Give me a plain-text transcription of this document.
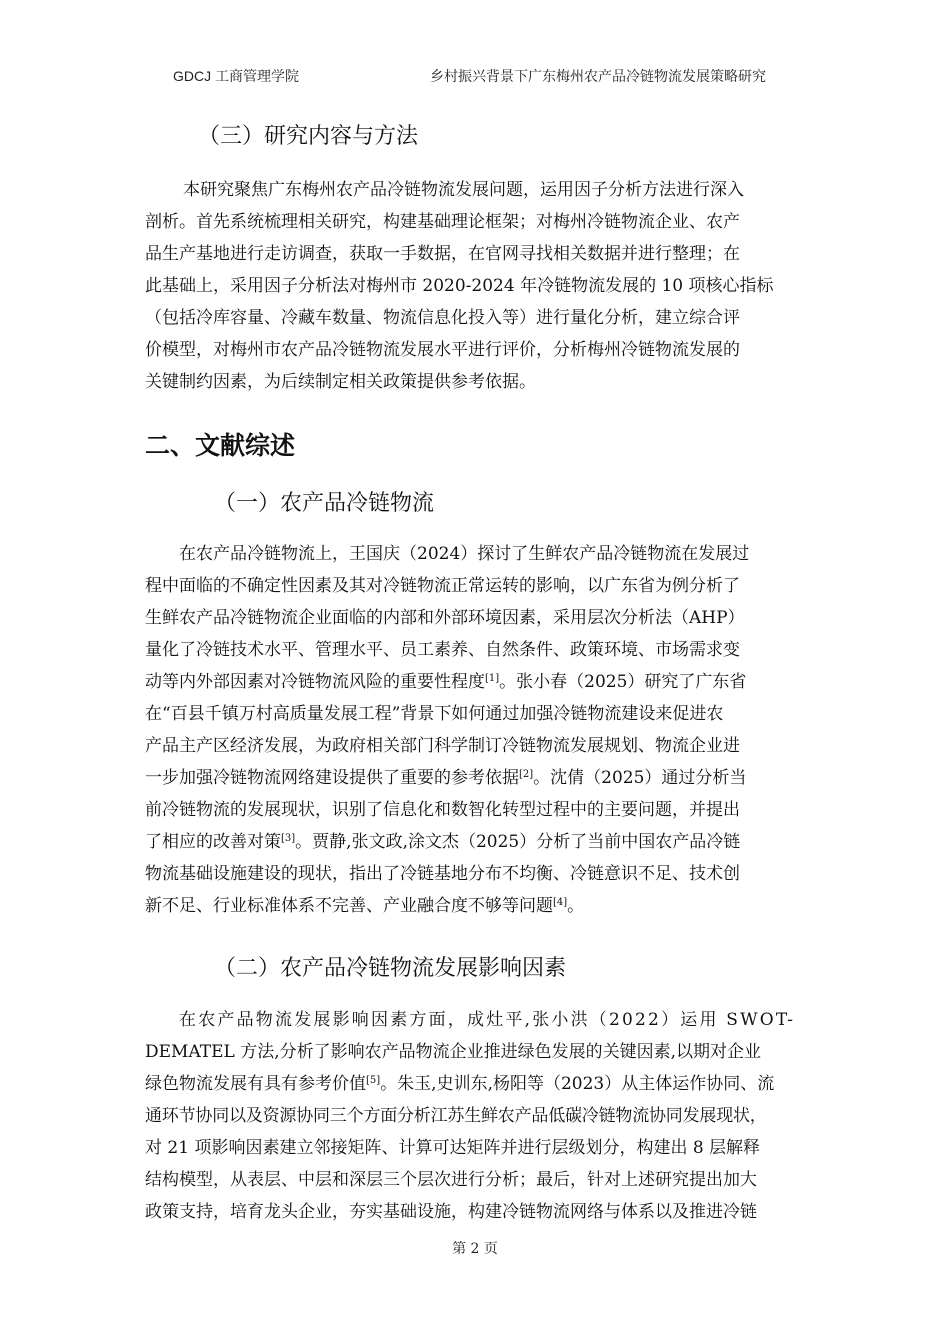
GDCJ 工商管理学院	乡村振兴背景下广东梅州农产品冷链物流发展策略研究
（三）研究内容与方法
本研究聚焦广东梅州农产品冷链物流发展问题，运用因子分析方法进行深入
剖析。首先系统梳理相关研究，构建基础理论框架；对梅州冷链物流企业、农产
品生产基地进行走访调查，获取一手数据，在官网寻找相关数据并进行整理；在
此基础上，采用因子分析法对梅州市 2020-2024 年冷链物流发展的 10 项核心指标
（包括冷库容量、冷藏车数量、物流信息化投入等）进行量化分析，建立综合评
价模型，对梅州市农产品冷链物流发展水平进行评价，分析梅州冷链物流发展的
关键制约因素，为后续制定相关政策提供参考依据。
二、文献综述
（一）农产品冷链物流
在农产品冷链物流上，王国庆（2024）探讨了生鲜农产品冷链物流在发展过
程中面临的不确定性因素及其对冷链物流正常运转的影响，以广东省为例分析了
生鲜农产品冷链物流企业面临的内部和外部环境因素，采用层次分析法（AHP）
量化了冷链技术水平、管理水平、员工素养、自然条件、政策环境、市场需求变
动等内外部因素对冷链物流风险的重要性程度[1]。张小春（2025）研究了广东省
在“百县千镇万村高质量发展工程”背景下如何通过加强冷链物流建设来促进农
产品主产区经济发展，为政府相关部门科学制订冷链物流发展规划、物流企业进
一步加强冷链物流网络建设提供了重要的参考依据[2]。沈倩（2025）通过分析当
前冷链物流的发展现状，识别了信息化和数智化转型过程中的主要问题，并提出
了相应的改善对策[3]。贾静,张文政,涂文杰（2025）分析了当前中国农产品冷链
物流基础设施建设的现状，指出了冷链基地分布不均衡、冷链意识不足、技术创
新不足、行业标准体系不完善、产业融合度不够等问题[4]。
（二）农产品冷链物流发展影响因素
在农产品物流发展影响因素方面，成灶平,张小洪（2022）运用 SWOT-
DEMATEL 方法,分析了影响农产品物流企业推进绿色发展的关键因素,以期对企业
绿色物流发展有具有参考价值[5]。朱玉,史训东,杨阳等（2023）从主体运作协同、流
通环节协同以及资源协同三个方面分析江苏生鲜农产品低碳冷链物流协同发展现状，
对 21 项影响因素建立邻接矩阵、计算可达矩阵并进行层级划分，构建出 8 层解释
结构模型，从表层、中层和深层三个层次进行分析；最后，针对上述研究提出加大
政策支持，培育龙头企业，夯实基础设施，构建冷链物流网络与体系以及推进冷链
第 2 页
